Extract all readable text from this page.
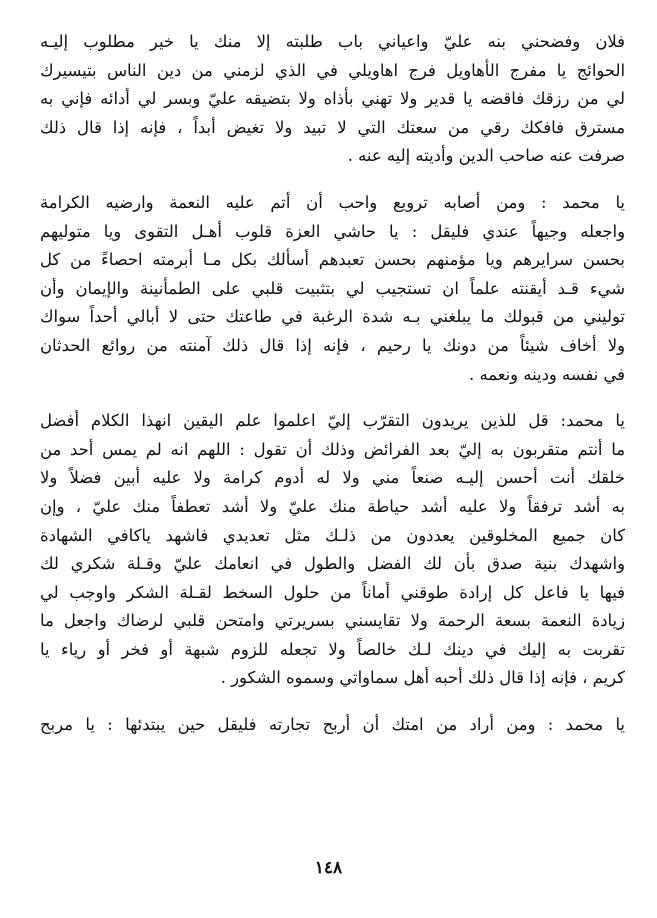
فلان وفضحني بنه عليّ واعياني باب طلبته إلا منك يا خير مطلوب إليـه
الحوائج يا مفرج الأهاويل فرج اهاويلي في الذي لزمني من دين الناس بتيسيرك
لي من رزقك فاقضه يا قدير ولا تهني بأذاه ولا بتضيقه عليّ وبسر لي أدائه فإني به
مسترق فافكك رقي من سعتك التي لا تبيد ولا تغيض أبداً ، فإنه إذا قال ذلك
صرفت عنه صاحب الدين وأديته إليه عنه .
يا محمد : ومن أصابه ترويع واحب أن أتم عليه النعمة وارضيه الكرامة
واجعله وجيهاً عندي فليقل : يا حاشي العزة قلوب أهـل التقوى ويا متوليهم
بحسن سرايرهم ويا مؤمنهم بحسن تعبدهم أسألك بكل مـا أبرمته احصاءً من كل
شيء قـد أيقنته علماً ان تستجيب لي بتثبيت قلبي على الطمأنينة والإيمان وأن
توليني من قبولك ما يبلغني بـه شدة الرغبة في طاعتك حتى لا أبالي أحداً سواك
ولا أخاف شيئاً من دونك يا رحيم ، فإنه إذا قال ذلك آمنته من روائع الحدثان
في نفسه ودينه ونعمه .
يا محمد: قل للذين يريدون التقرّب إليّ اعلموا علم اليقين انهذا الكلام أفضل
ما أنتم متقربون به إليّ بعد الفرائض وذلك أن تقول : اللهم انه لم يمس أحد من
خلقك أنت أحسن إليـه صنعاً مني ولا له أدوم كرامة ولا عليه أبين فضلاً ولا
به أشد ترفقاً ولا عليه أشد حياطة منك عليّ ولا أشد تعطفاً منك عليّ ، وإن
كان جميع المخلوقين يعددون من ذلـك مثل تعديدي فاشهد ياكافي الشهادة
واشهدك بنية صدق بأن لك الفضل والطول في انعامك عليّ وقـلة شكري لك
فيها يا فاعل كل إرادة طوقني أماناً من حلول السخط لقـلة الشكر واوجب لي
زيادة النعمة بسعة الرحمة ولا تقايسني بسريرتي وامتحن قلبي لرضاك واجعل ما
تقربت به إليك في دينك لـك خالصاً ولا تجعله للزوم شبهة أو فخر أو رياء يا
كريم ، فإنه إذا قال ذلك أحبه أهل سماواتي وسموه الشكور .
يا محمد : ومن أراد من امتك أن أربح تجارته فليقل حين يبتدئها : يا مربح
١٤٨
